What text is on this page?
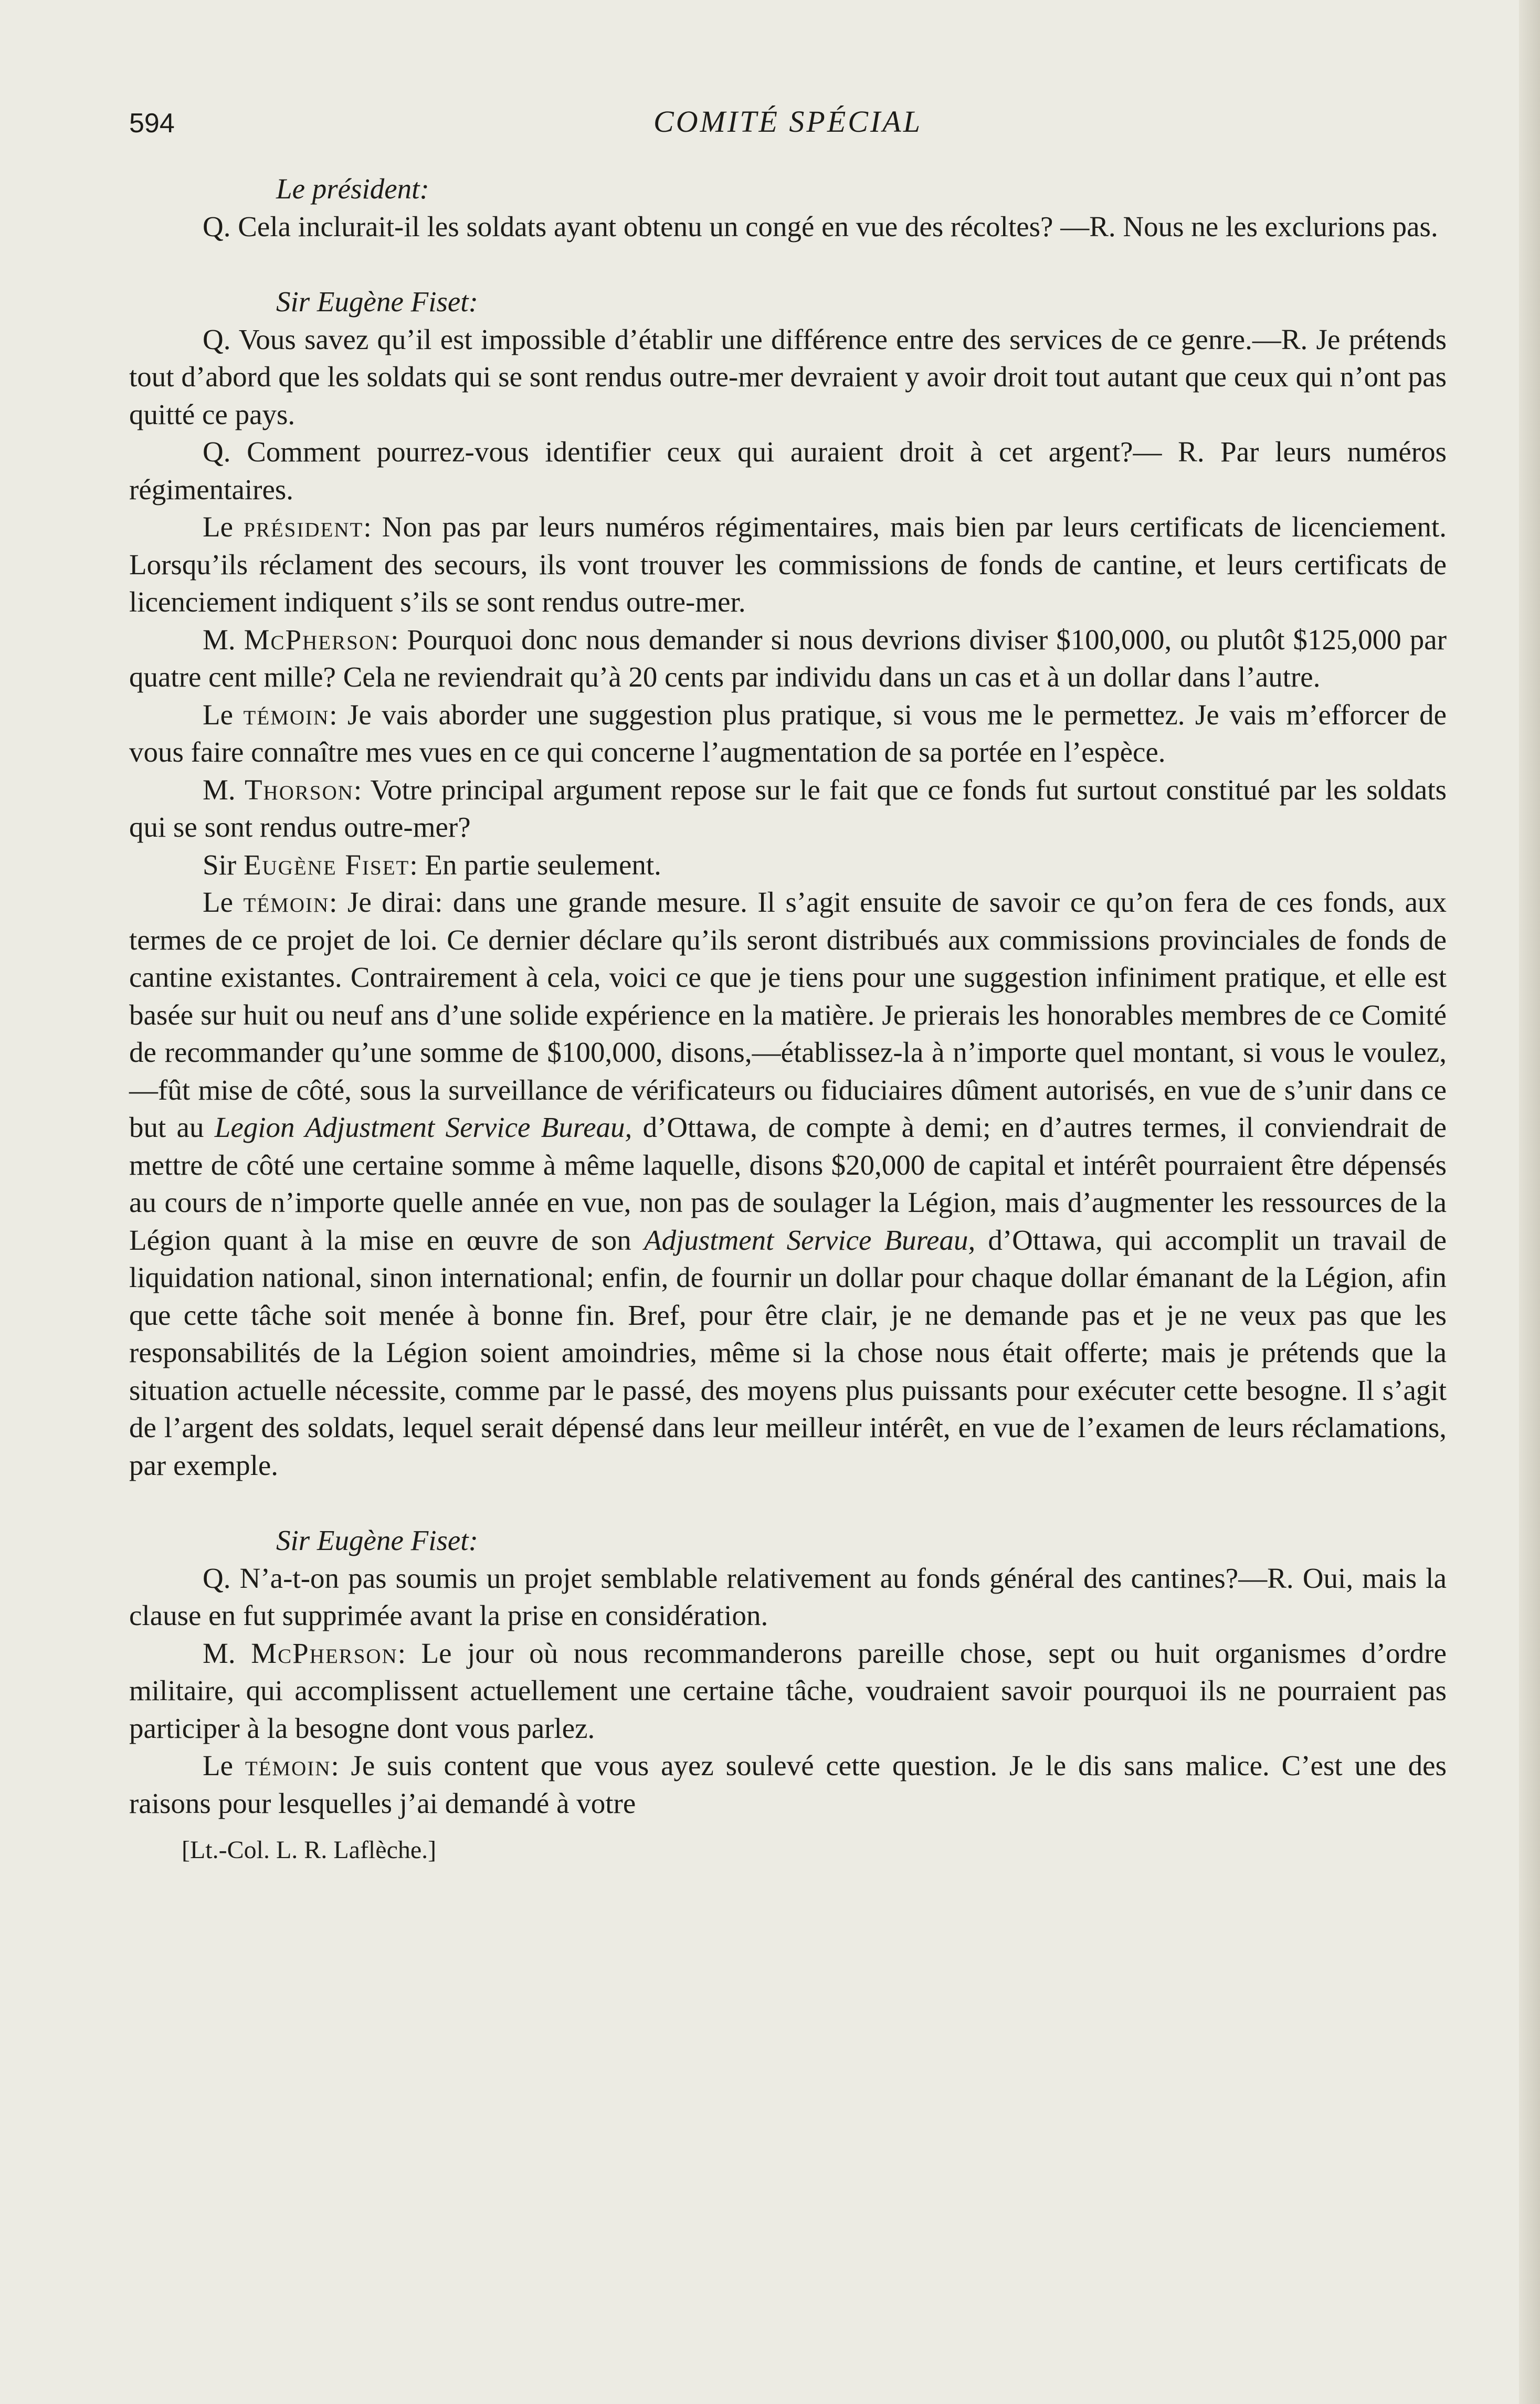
594	COMITÉ SPÉCIAL
Le président:

Q. Cela inclurait-il les soldats ayant obtenu un congé en vue des récoltes? —R. Nous ne les exclurions pas.

Sir Eugène Fiset:

Q. Vous savez qu’il est impossible d’établir une différence entre des services de ce genre.—R. Je prétends tout d’abord que les soldats qui se sont rendus outre-mer devraient y avoir droit tout autant que ceux qui n’ont pas quitté ce pays.

Q. Comment pourrez-vous identifier ceux qui auraient droit à cet argent?— R. Par leurs numéros régimentaires.

Le président: Non pas par leurs numéros régimentaires, mais bien par leurs certificats de licenciement. Lorsqu’ils réclament des secours, ils vont trouver les commissions de fonds de cantine, et leurs certificats de licenciement indiquent s’ils se sont rendus outre-mer.

M. McPherson: Pourquoi donc nous demander si nous devrions diviser $100,000, ou plutôt $125,000 par quatre cent mille? Cela ne reviendrait qu’à 20 cents par individu dans un cas et à un dollar dans l’autre.

Le témoin: Je vais aborder une suggestion plus pratique, si vous me le permettez. Je vais m’efforcer de vous faire connaître mes vues en ce qui concerne l’augmentation de sa portée en l’espèce.

M. Thorson: Votre principal argument repose sur le fait que ce fonds fut surtout constitué par les soldats qui se sont rendus outre-mer?

Sir Eugène Fiset: En partie seulement.

Le témoin: Je dirai: dans une grande mesure. Il s’agit ensuite de savoir ce qu’on fera de ces fonds, aux termes de ce projet de loi. Ce dernier déclare qu’ils seront distribués aux commissions provinciales de fonds de cantine existantes. Contrairement à cela, voici ce que je tiens pour une suggestion infiniment pratique, et elle est basée sur huit ou neuf ans d’une solide expérience en la matière. Je prierais les honorables membres de ce Comité de recommander qu’une somme de $100,000, disons,—établissez-la à n’importe quel montant, si vous le voulez,—fût mise de côté, sous la surveillance de vérificateurs ou fiduciaires dûment autorisés, en vue de s’unir dans ce but au Legion Adjustment Service Bureau, d’Ottawa, de compte à demi; en d’autres termes, il conviendrait de mettre de côté une certaine somme à même laquelle, disons $20,000 de capital et intérêt pourraient être dépensés au cours de n’importe quelle année en vue, non pas de soulager la Légion, mais d’augmenter les ressources de la Légion quant à la mise en œuvre de son Adjustment Service Bureau, d’Ottawa, qui accomplit un travail de liquidation national, sinon international; enfin, de fournir un dollar pour chaque dollar émanant de la Légion, afin que cette tâche soit menée à bonne fin. Bref, pour être clair, je ne demande pas et je ne veux pas que les responsabilités de la Légion soient amoindries, même si la chose nous était offerte; mais je prétends que la situation actuelle nécessite, comme par le passé, des moyens plus puissants pour exécuter cette besogne. Il s’agit de l’argent des soldats, lequel serait dépensé dans leur meilleur intérêt, en vue de l’examen de leurs réclamations, par exemple.

Sir Eugène Fiset:

Q. N’a-t-on pas soumis un projet semblable relativement au fonds général des cantines?—R. Oui, mais la clause en fut supprimée avant la prise en considération.

M. McPherson: Le jour où nous recommanderons pareille chose, sept ou huit organismes d’ordre militaire, qui accomplissent actuellement une certaine tâche, voudraient savoir pourquoi ils ne pourraient pas participer à la besogne dont vous parlez.

Le témoin: Je suis content que vous ayez soulevé cette question. Je le dis sans malice. C’est une des raisons pour lesquelles j’ai demandé à votre

[Lt.-Col. L. R. Laflèche.]
